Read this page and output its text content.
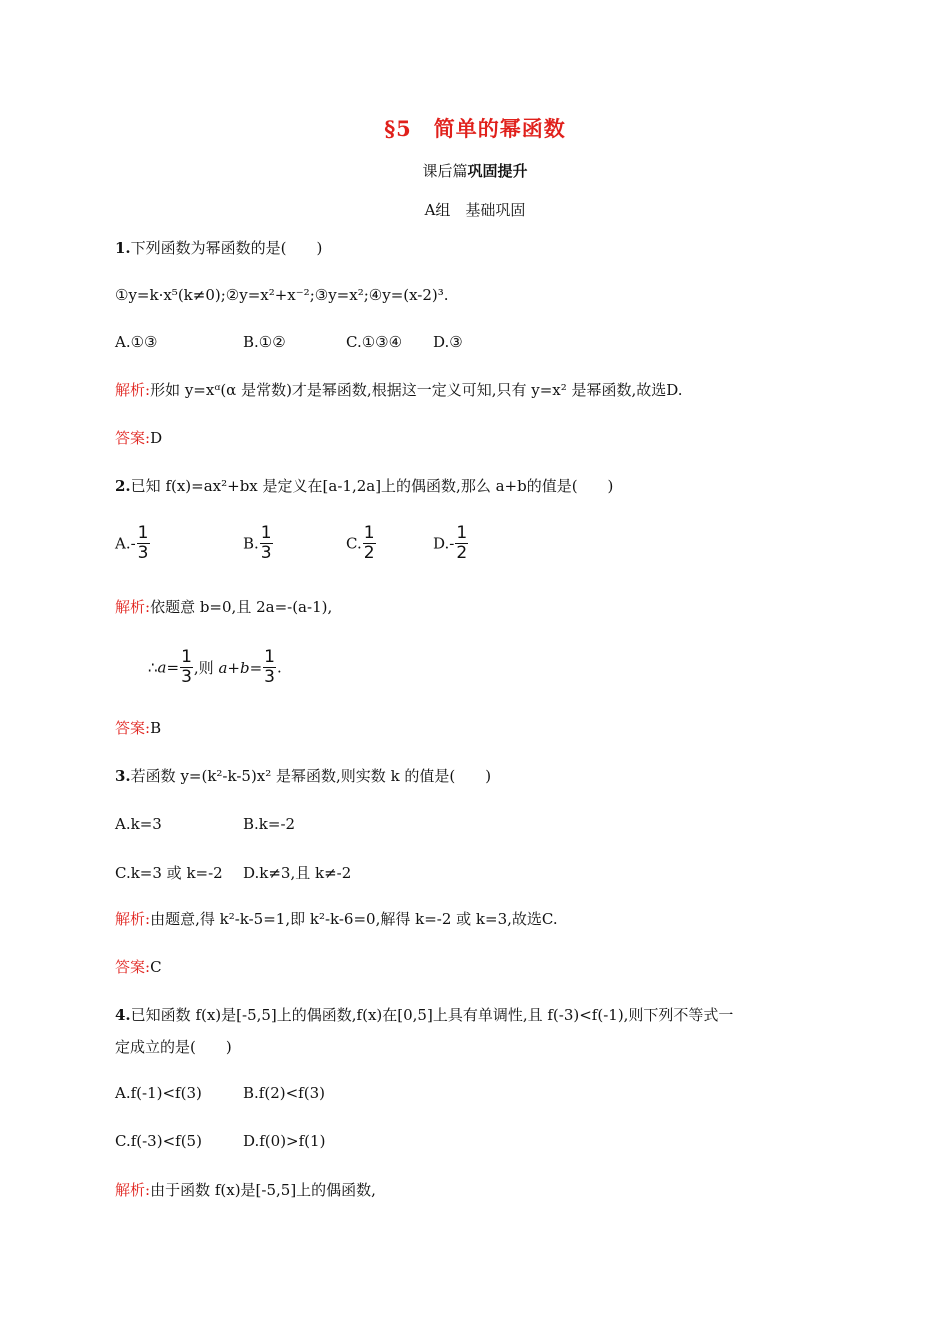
§5　简单的幂函数
课后篇巩固提升
A组　基础巩固
1.下列函数为幂函数的是(　　)
①y=k·x⁵(k≠0);②y=x²+x⁻²;③y=x²;④y=(x-2)³.
A.①③	B.①②	C.①③④ D.③
解析:形如 y=xᵅ(α 是常数)才是幂函数,根据这一定义可知,只有 y=x² 是幂函数,故选D.
答案:D
2.已知 f(x)=ax²+bx 是定义在[a-1,2a]上的偶函数,那么 a+b的值是(　　)
$A.- \frac{1}{3}$	B. $\frac{1}{3}$	C. $\frac{1}{2}$	$D.- \frac{1}{2}$
解析:依题意 b=0,且 2a=-(a-1),
∴a= $\frac{1}{3}$ ,则 $a+b= \frac{1}{3}$ .
答案:B
3.若函数 y=(k²-k-5)x² 是幂函数,则实数 k 的值是(　　)
A.k=3	B.k=-2
C.k=3 或 k=-2 D.k≠3,且 k≠-2
解析:由题意,得 k²-k-5=1,即 k²-k-6=0,解得 k=-2 或 k=3,故选C.
答案:C
4.已知函数 f(x)是[-5,5]上的偶函数,f(x)在[0,5]上具有单调性,且 f(-3)<f(-1),则下列不等式一
定成立的是(　　)
A.f(-1)<f(3)	B.f(2)<f(3)
C.f(-3)<f(5)	D.f(0)>f(1)
解析:由于函数 f(x)是[-5,5]上的偶函数,
